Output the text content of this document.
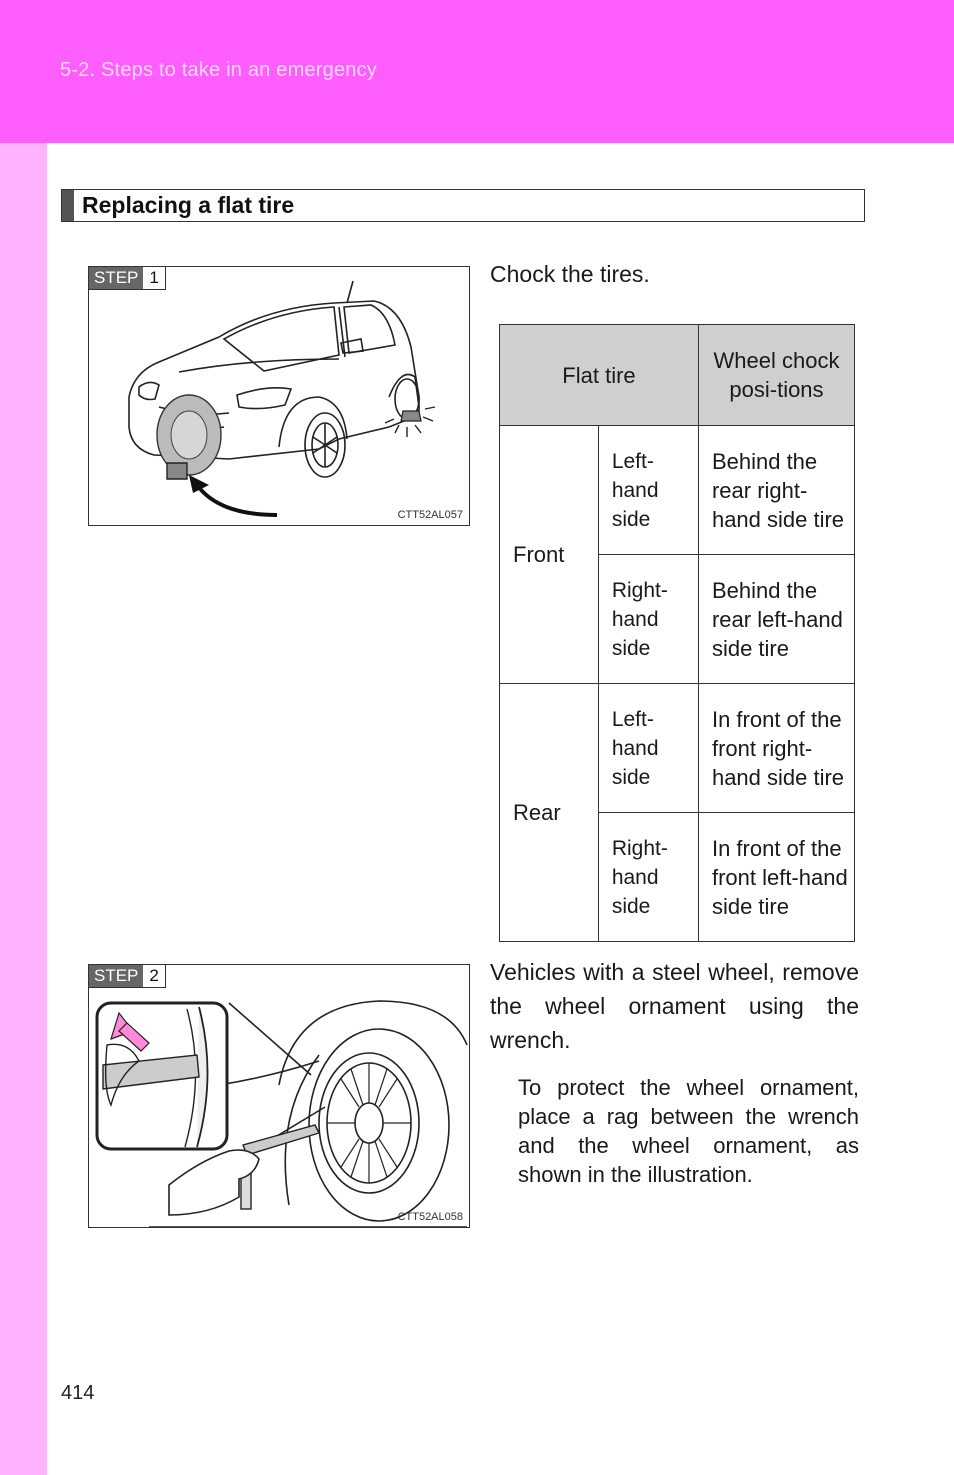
5-2. Steps to take in an emergency
Replacing a flat tire
STEP 1
CTT52AL057
Chock the tires.
Flat tire		Wheel chock posi-tions
Front	Left-hand side	Behind the rear right-hand side tire
	Right-hand side	Behind the rear left-hand side tire
Rear	Left-hand side	In front of the front right-hand side tire
	Right-hand side	In front of the front left-hand side tire
STEP 2
CTT52AL058
Vehicles with a steel wheel, remove the wheel ornament using the wrench.
To protect the wheel ornament, place a rag between the wrench and the wheel ornament, as shown in the illustration.
414
